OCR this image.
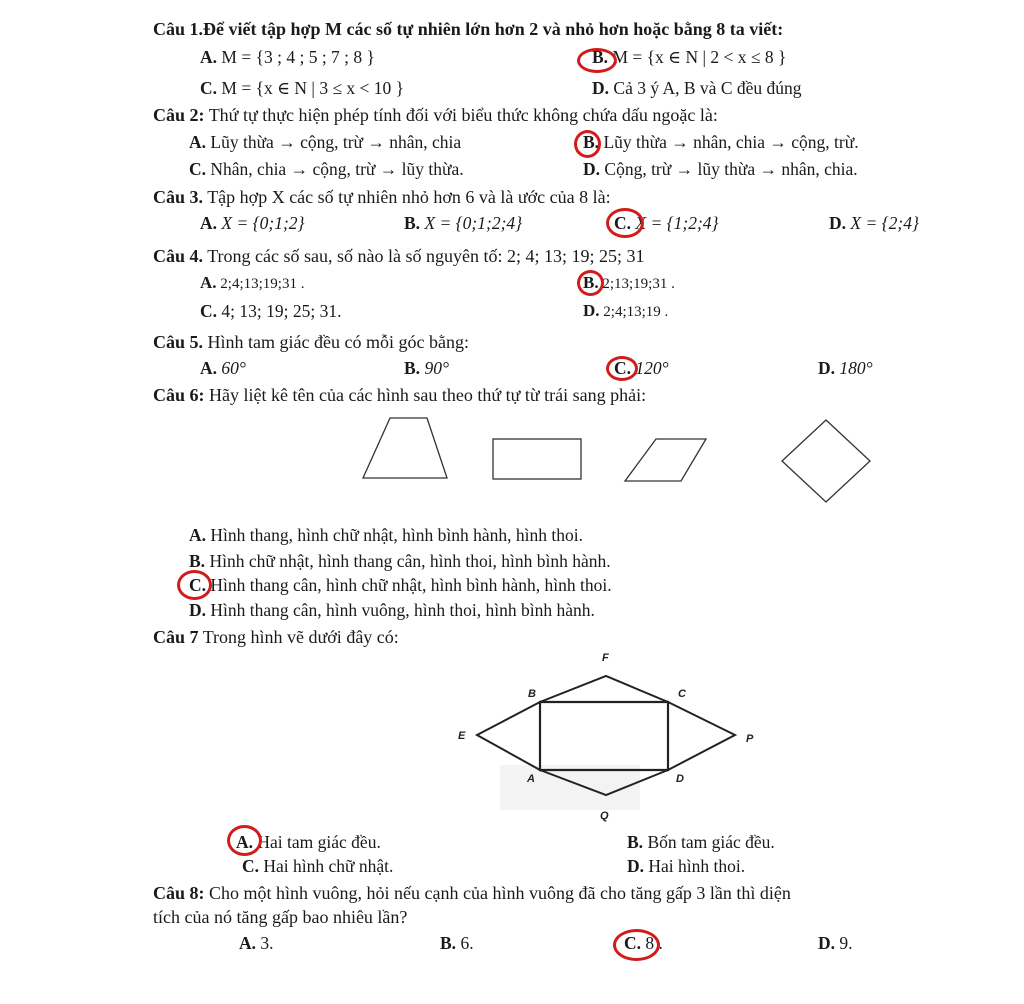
Câu 1.Để viết tập hợp M các số tự nhiên lớn hơn 2 và nhỏ hơn hoặc bằng 8 ta viết:
A. M = {3 ; 4 ; 5 ; 7 ; 8 }	B. M = {x ∈ N | 2 < x ≤ 8 }
C. M = {x ∈ N | 3 ≤ x < 10 }	D. Cả 3 ý A, B và C đều đúng
Câu 2: Thứ tự thực hiện phép tính đối với biểu thức không chứa dấu ngoặc là:
A. Lũy thừa → cộng, trừ → nhân, chia	B. Lũy thừa → nhân, chia → cộng, trừ.
C. Nhân, chia → cộng, trừ → lũy thừa.	D. Cộng, trừ → lũy thừa → nhân, chia.
Câu 3. Tập hợp X các số tự nhiên nhỏ hơn 6 và là ước của 8 là:
A. X = {0;1;2}	B. X = {0;1;2;4}	C. X = {1;2;4}	D. X = {2;4}
Câu 4. Trong các số sau, số nào là số nguyên tố: 2; 4; 13; 19; 25; 31
A. 2;4;13;19;31 .	B. 2;13;19;31 .
C. 4; 13; 19; 25; 31.	D. 2;4;13;19 .
Câu 5. Hình tam giác đều có mỗi góc bằng:
A. 60°	B. 90°	C. 120°	D. 180°
Câu 6: Hãy liệt kê tên của các hình sau theo thứ tự từ trái sang phải:
A. Hình thang, hình chữ nhật, hình bình hành, hình thoi.
B. Hình chữ nhật, hình thang cân, hình thoi, hình bình hành.
C. Hình thang cân, hình chữ nhật, hình bình hành, hình thoi.
D. Hình thang cân, hình vuông, hình thoi, hình bình hành.
Câu 7 Trong hình vẽ dưới đây có:
F
B	C
E	P
A	D
Q
A. Hai tam giác đều.	B. Bốn tam giác đều.
C. Hai hình chữ nhật.	D. Hai hình thoi.
Câu 8: Cho một hình vuông, hỏi nếu cạnh của hình vuông đã cho tăng gấp 3 lần thì diện
tích của nó tăng gấp bao nhiêu lần?
A. 3.	B. 6.	C. 8 .	D. 9.
